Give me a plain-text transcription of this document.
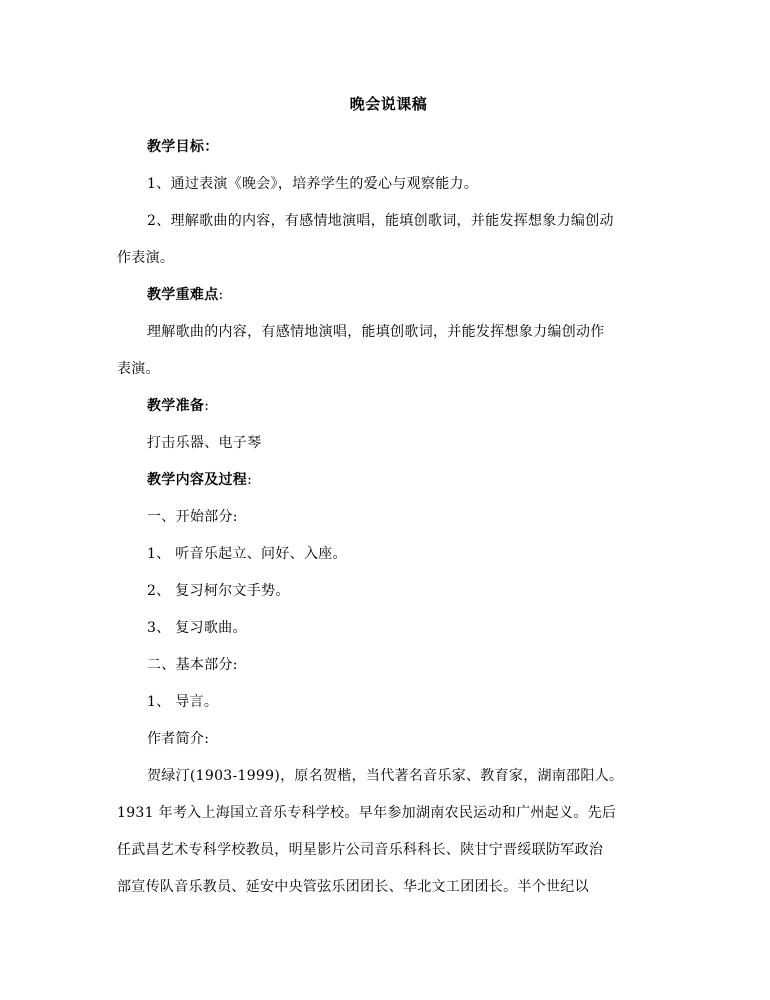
晚会说课稿

教学目标：

1、通过表演《晚会》，培养学生的爱心与观察能力。

2、理解歌曲的内容，有感情地演唱，能填创歌词，并能发挥想象力编创动

作表演。

教学重难点:

理解歌曲的内容，有感情地演唱，能填创歌词，并能发挥想象力编创动作

表演。

教学准备:

打击乐器、电子琴

教学内容及过程:

一、开始部分:

1、 听音乐起立、问好、入座。

2、 复习柯尔文手势。

3、 复习歌曲。

二、基本部分:

1、 导言。

作者简介:

贺绿汀(1903-1999)，原名贺楷，当代著名音乐家、教育家，湖南邵阳人。

1931 年考入上海国立音乐专科学校。早年参加湖南农民运动和广州起义。先后

任武昌艺术专科学校教员，明星影片公司音乐科科长、陕甘宁晋绥联防军政治

部宣传队音乐教员、延安中央管弦乐团团长、华北文工团团长。半个世纪以
